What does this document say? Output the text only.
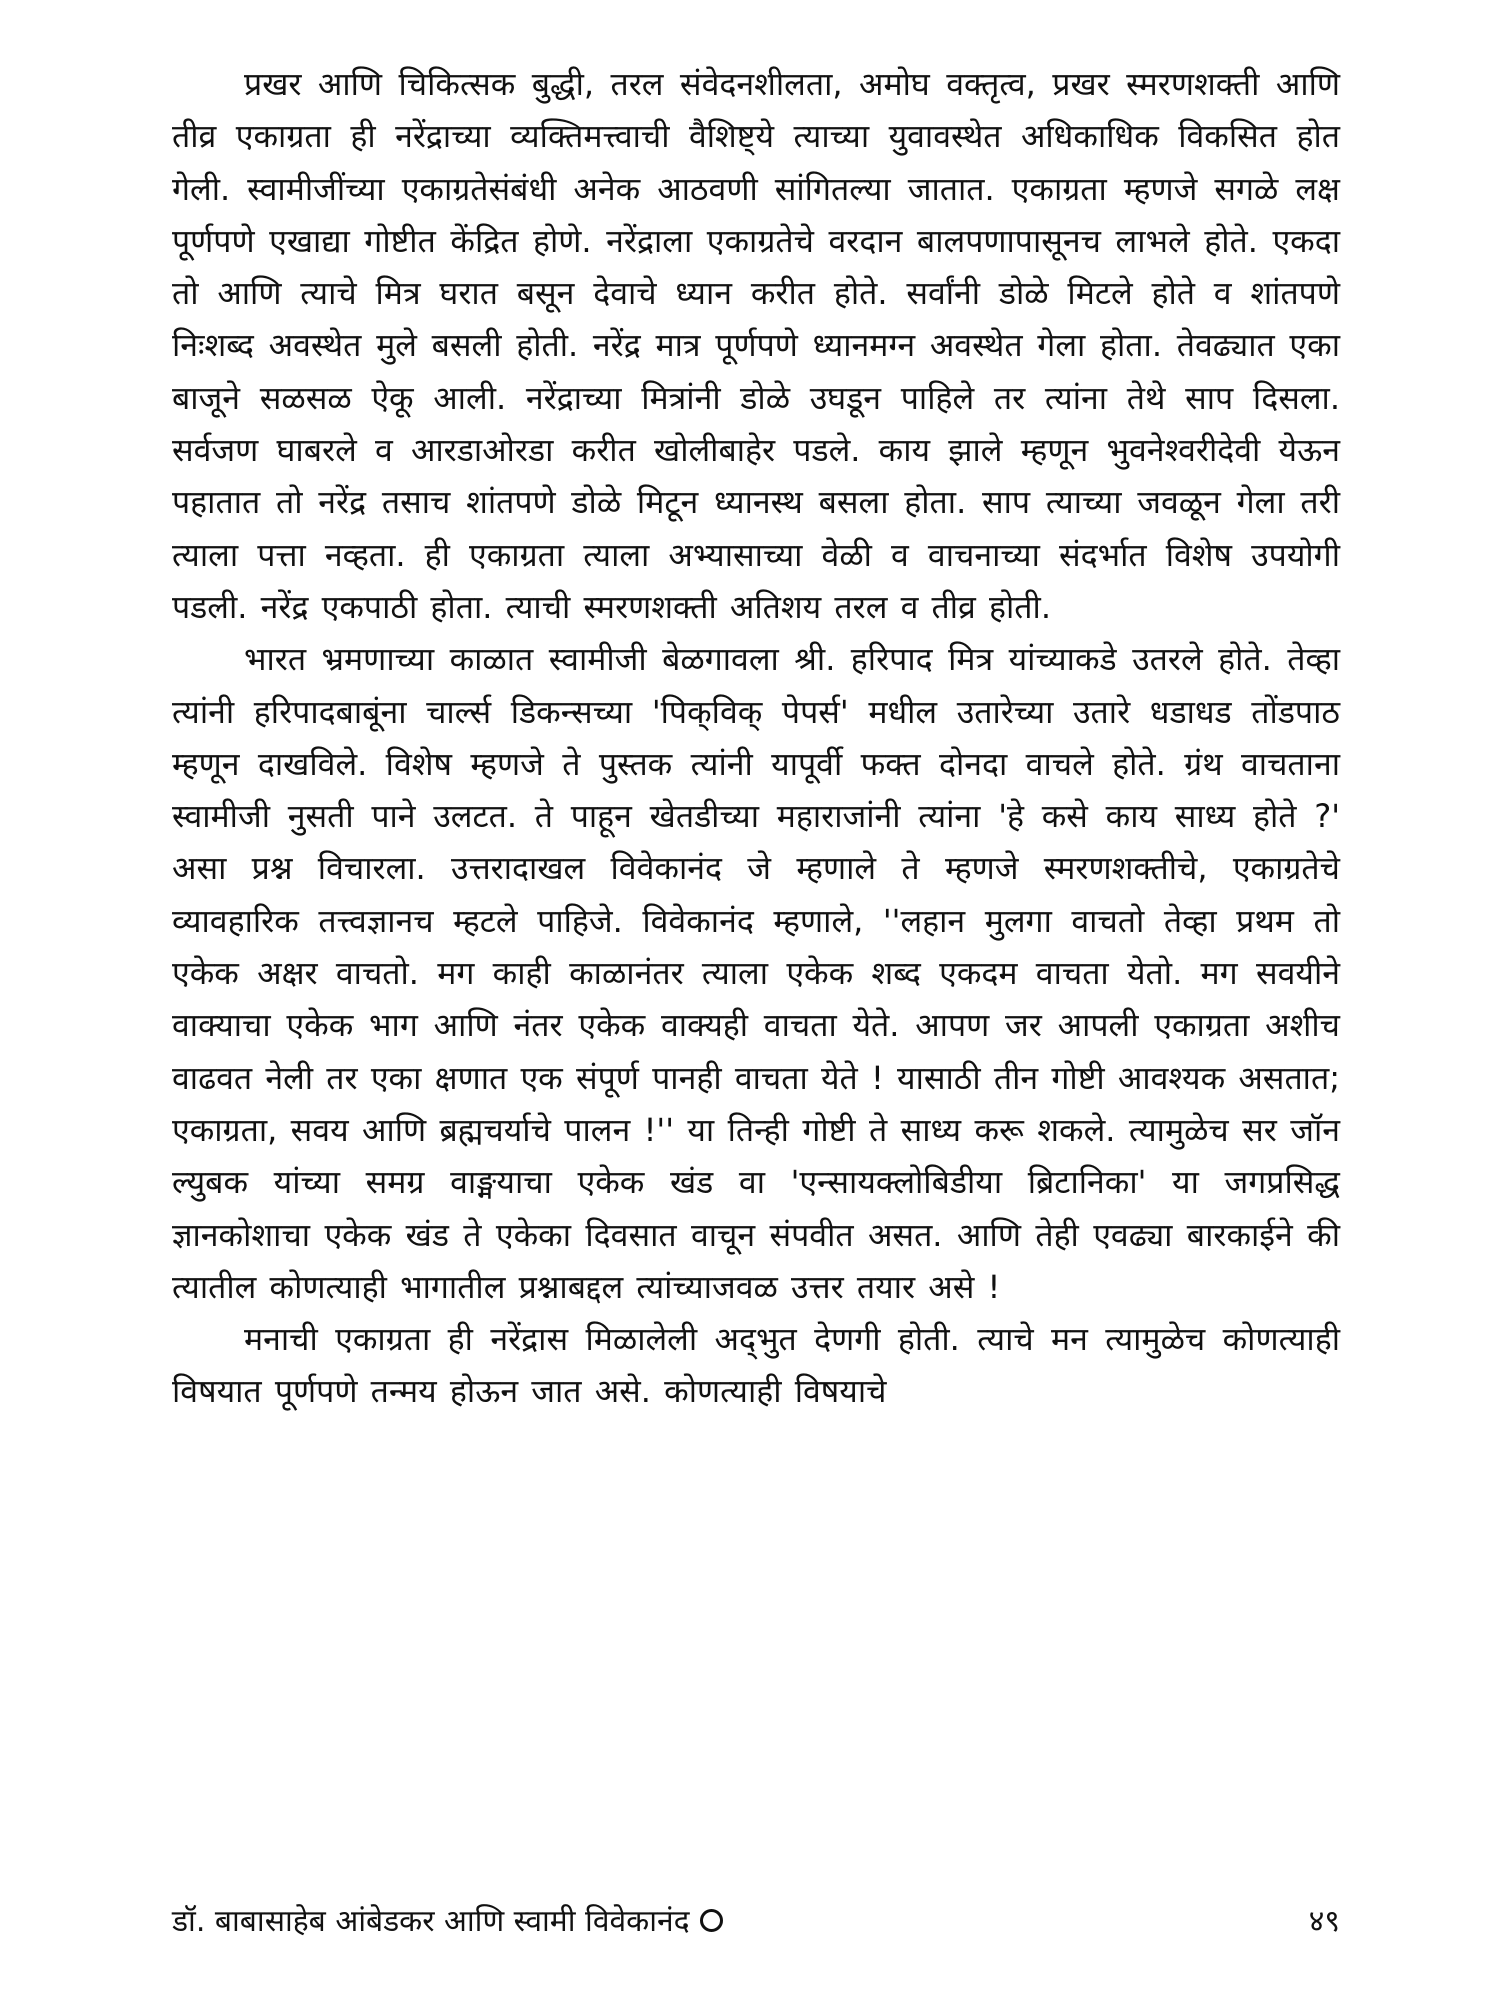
प्रखर आणि चिकित्सक बुद्धी, तरल संवेदनशीलता, अमोघ वक्तृत्व, प्रखर स्मरणशक्ती आणि तीव्र एकाग्रता ही नरेंद्राच्या व्यक्तिमत्त्वाची वैशिष्ट्ये त्याच्या युवावस्थेत अधिकाधिक विकसित होत गेली. स्वामीजींच्या एकाग्रतेसंबंधी अनेक आठवणी सांगितल्या जातात. एकाग्रता म्हणजे सगळे लक्ष पूर्णपणे एखाद्या गोष्टीत केंद्रित होणे. नरेंद्राला एकाग्रतेचे वरदान बालपणापासूनच लाभले होते. एकदा तो आणि त्याचे मित्र घरात बसून देवाचे ध्यान करीत होते. सर्वांनी डोळे मिटले होते व शांतपणे निःशब्द अवस्थेत मुले बसली होती. नरेंद्र मात्र पूर्णपणे ध्यानमग्न अवस्थेत गेला होता. तेवढ्यात एका बाजूने सळसळ ऐकू आली. नरेंद्राच्या मित्रांनी डोळे उघडून पाहिले तर त्यांना तेथे साप दिसला. सर्वजण घाबरले व आरडाओरडा करीत खोलीबाहेर पडले. काय झाले म्हणून भुवनेश्वरीदेवी येऊन पहातात तो नरेंद्र तसाच शांतपणे डोळे मिटून ध्यानस्थ बसला होता. साप त्याच्या जवळून गेला तरी त्याला पत्ता नव्हता. ही एकाग्रता त्याला अभ्यासाच्या वेळी व वाचनाच्या संदर्भात विशेष उपयोगी पडली. नरेंद्र एकपाठी होता. त्याची स्मरणशक्ती अतिशय तरल व तीव्र होती.

भारत भ्रमणाच्या काळात स्वामीजी बेळगावला श्री. हरिपाद मित्र यांच्याकडे उतरले होते. तेव्हा त्यांनी हरिपादबाबूंना चार्ल्स डिकन्सच्या 'पिक्‌विक् पेपर्स' मधील उतारेच्या उतारे धडाधड तोंडपाठ म्हणून दाखविले. विशेष म्हणजे ते पुस्तक त्यांनी यापूर्वी फक्त दोनदा वाचले होते. ग्रंथ वाचताना स्वामीजी नुसती पाने उलटत. ते पाहून खेतडीच्या महाराजांनी त्यांना 'हे कसे काय साध्य होते ?' असा प्रश्न विचारला. उत्तरादाखल विवेकानंद जे म्हणाले ते म्हणजे स्मरणशक्तीचे, एकाग्रतेचे व्यावहारिक तत्त्वज्ञानच म्हटले पाहिजे. विवेकानंद म्हणाले, ''लहान मुलगा वाचतो तेव्हा प्रथम तो एकेक अक्षर वाचतो. मग काही काळानंतर त्याला एकेक शब्द एकदम वाचता येतो. मग सवयीने वाक्याचा एकेक भाग आणि नंतर एकेक वाक्यही वाचता येते. आपण जर आपली एकाग्रता अशीच वाढवत नेली तर एका क्षणात एक संपूर्ण पानही वाचता येते ! यासाठी तीन गोष्टी आवश्यक असतात; एकाग्रता, सवय आणि ब्रह्मचर्याचे पालन !'' या तिन्ही गोष्टी ते साध्य करू शकले. त्यामुळेच सर जॉन ल्युबक यांच्या समग्र वाङ्मयाचा एकेक खंड वा 'एन्सायक्लोबिडीया ब्रिटानिका' या जगप्रसिद्ध ज्ञानकोशाचा एकेक खंड ते एकेका दिवसात वाचून संपवीत असत. आणि तेही एवढ्या बारकाईने की त्यातील कोणत्याही भागातील प्रश्नाबद्दल त्यांच्याजवळ उत्तर तयार असे !

मनाची एकाग्रता ही नरेंद्रास मिळालेली अद्‌भुत देणगी होती. त्याचे मन त्यामुळेच कोणत्याही विषयात पूर्णपणे तन्मय होऊन जात असे. कोणत्याही विषयाचे

डॉ. बाबासाहेब आंबेडकर आणि स्वामी विवेकानंद	४९
